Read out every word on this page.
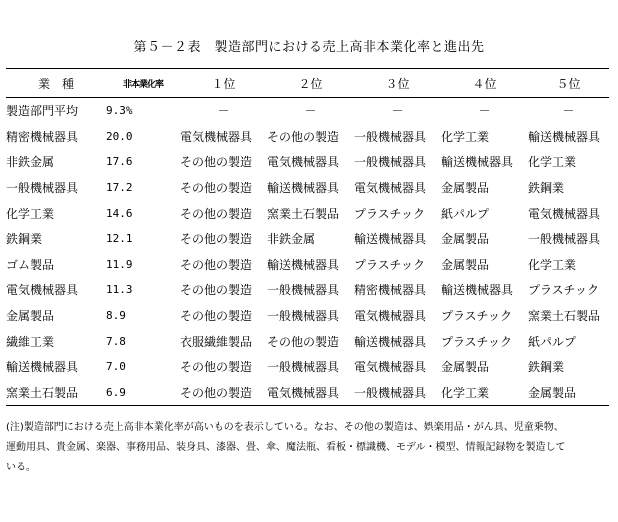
第５－２表　製造部門における売上高非本業化率と進出先
業　種	非本業化率	１位	２位	３位	４位	５位
製造部門平均	9.3%	－	－	－	－	－
精密機械器具	20.0	電気機械器具	その他の製造	一般機械器具	化学工業	輸送機械器具
非鉄金属	17.6	その他の製造	電気機械器具	一般機械器具	輸送機械器具	化学工業
一般機械器具	17.2	その他の製造	輸送機械器具	電気機械器具	金属製品	鉄鋼業
化学工業	14.6	その他の製造	窯業土石製品	プラスチック	紙パルプ	電気機械器具
鉄鋼業	12.1	その他の製造	非鉄金属	輸送機械器具	金属製品	一般機械器具
ゴム製品	11.9	その他の製造	輸送機械器具	プラスチック	金属製品	化学工業
電気機械器具	11.3	その他の製造	一般機械器具	精密機械器具	輸送機械器具	プラスチック
金属製品	8.9	その他の製造	一般機械器具	電気機械器具	プラスチック	窯業土石製品
繊維工業	7.8	衣服繊維製品	その他の製造	輸送機械器具	プラスチック	紙パルプ
輸送機械器具	7.0	その他の製造	一般機械器具	電気機械器具	金属製品	鉄鋼業
窯業土石製品	6.9	その他の製造	電気機械器具	一般機械器具	化学工業	金属製品
(注)製造部門における売上高非本業化率が高いものを表示している。なお、その他の製造は、娯楽用品・がん具、児童乗物、
運動用具、貴金属、楽器、事務用品、装身具、漆器、畳、傘、魔法瓶、看板・標識機、モデル・模型、情報記録物を製造して
いる。
